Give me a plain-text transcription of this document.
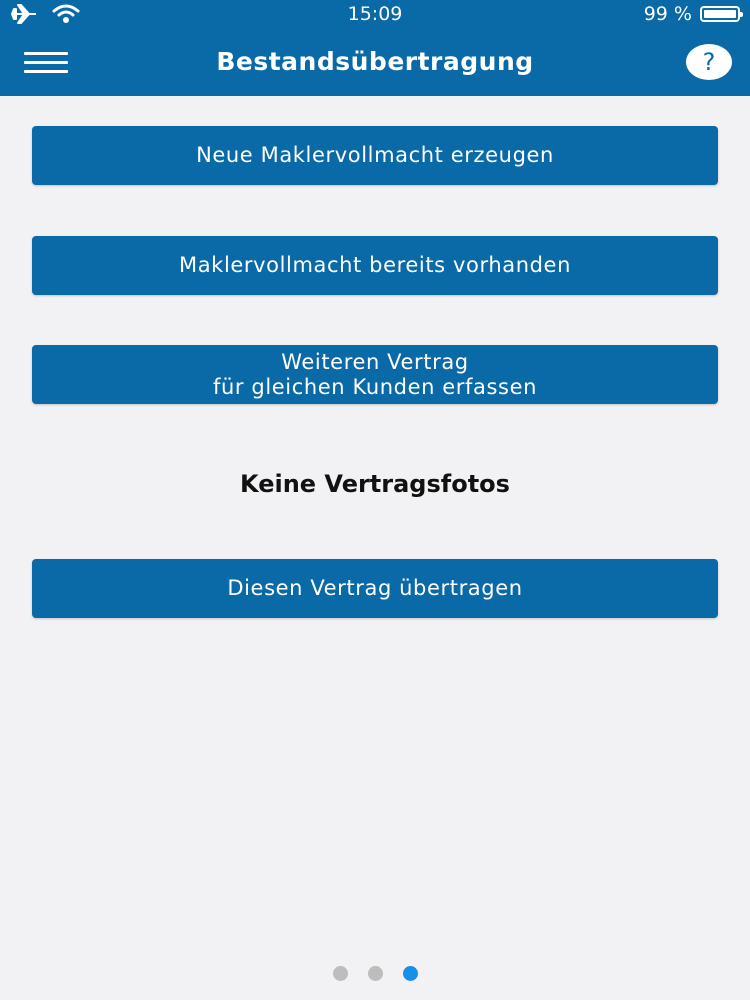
15:09	99 %
Bestandsübertragung	?
Neue Maklervollmacht erzeugen
Maklervollmacht bereits vorhanden
Weiteren Vertrag
für gleichen Kunden erfassen
Keine Vertragsfotos
Diesen Vertrag übertragen
